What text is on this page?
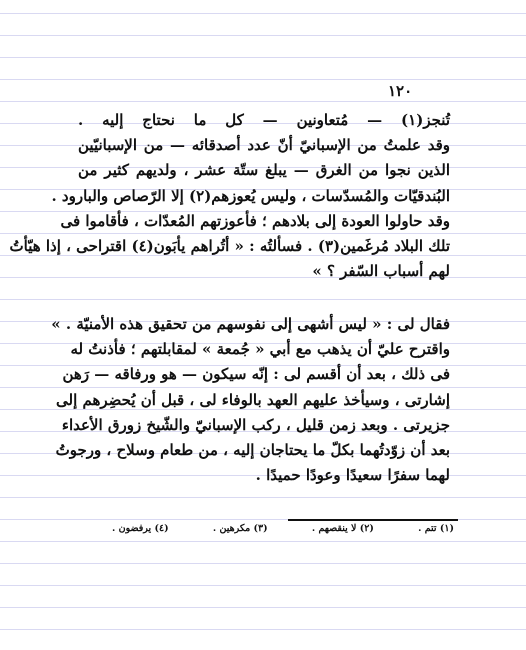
١٢٠
تُنجز(١) — مُتعاونين — كل ما نحتاج إليه .
وقد علمتُ من الإسبانيّ أنّ عدد أصدقائه — من الإسبانيّين
الذين نجوا من الغرق — يبلغ ستّة عشر ، ولديهم كثير من
البُندقيّات والمُسدّسات ، وليس يُعوزهم(٢) إلا الرّصاص والبارود .
وقد حاولوا العودة إلى بلادهم ؛ فأعوزتهم المُعدّات ، فأقاموا فى
تلك البلاد مُرغَمين(٣) . فسألتُه : « أتُراهم يأبَون(٤) اقتراحى ، إذا هيّأتُ
لهم أسباب السّفر ؟ »
فقال لى : « ليس أشهى إلى نفوسهم من تحقيق هذه الأمنيّة . »
واقترح عليّ أن يذهب مع أبي « جُمعة » لمقابلتهم ؛ فأذنتُ له
فى ذلك ، بعد أن أقسم لى : إنّه سيكون — هو ورفاقه — رَهن
إشارتى ، وسيأخذ عليهم العهد بالوفاء لى ، قبل أن يُحضِرهم إلى
جزيرتى . وبعد زمن قليل ، ركب الإسبانيّ والشّيخ زورق الأعداء
بعد أن زوّدتُهما بكلّ ما يحتاجان إليه ، من طعام وسلاح ، ورجوتُ
لهما سفرًا سعيدًا وعودًا حميدًا .
(١) تتم .
(٢) لا ينقصهم .
(٣) مكرهين .
(٤) يرفضون .
